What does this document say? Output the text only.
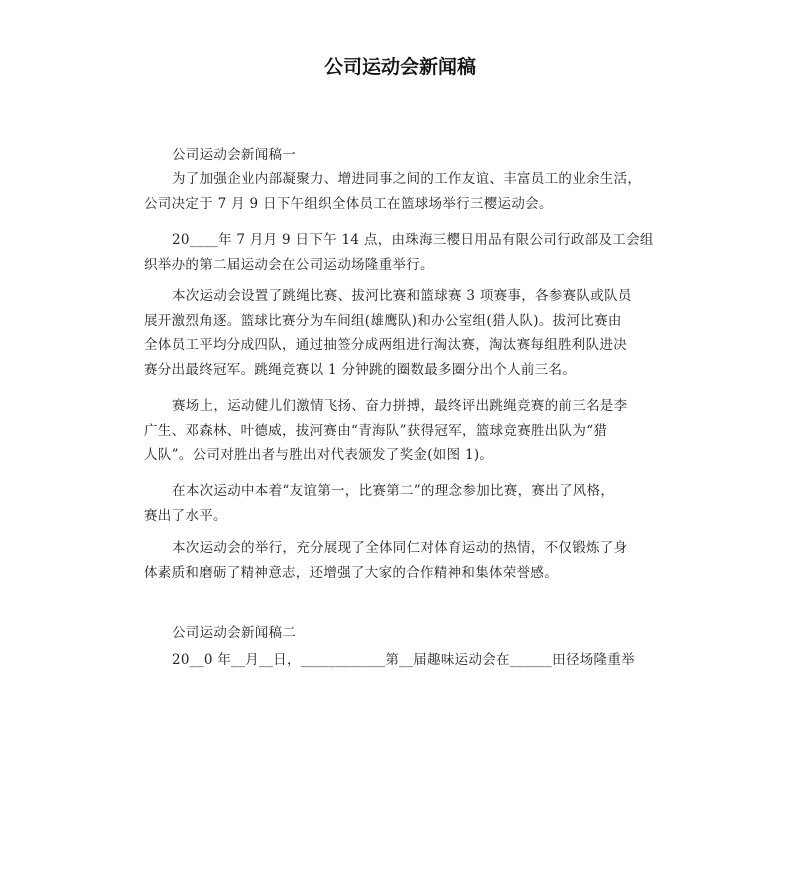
公司运动会新闻稿

公司运动会新闻稿一

为了加强企业内部凝聚力、增进同事之间的工作友谊、丰富员工的业余生活，

公司决定于 7 月 9 日下午组织全体员工在篮球场举行三樱运动会。

20____年 7 月月 9 日下午 14 点，由珠海三樱日用品有限公司行政部及工会组

织举办的第二届运动会在公司运动场隆重举行。

本次运动会设置了跳绳比赛、拔河比赛和篮球赛 3 项赛事，各参赛队或队员

展开激烈角逐。篮球比赛分为车间组(雄鹰队)和办公室组(猎人队)。拔河比赛由

全体员工平均分成四队，通过抽签分成两组进行淘汰赛，淘汰赛每组胜利队进决

赛分出最终冠军。跳绳竞赛以 1 分钟跳的圈数最多圈分出个人前三名。

赛场上，运动健儿们激情飞扬、奋力拼搏，最终评出跳绳竞赛的前三名是李

广生、邓森林、叶德威，拔河赛由“青海队”获得冠军，篮球竞赛胜出队为“猎

人队”。公司对胜出者与胜出对代表颁发了奖金(如图 1)。

在本次运动中本着“友谊第一，比赛第二”的理念参加比赛，赛出了风格，

赛出了水平。

本次运动会的举行，充分展现了全体同仁对体育运动的热情，不仅锻炼了身

体素质和磨砺了精神意志，还增强了大家的合作精神和集体荣誉感。

公司运动会新闻稿二

20__0 年__月__日，____________第__届趣味运动会在______田径场隆重举
